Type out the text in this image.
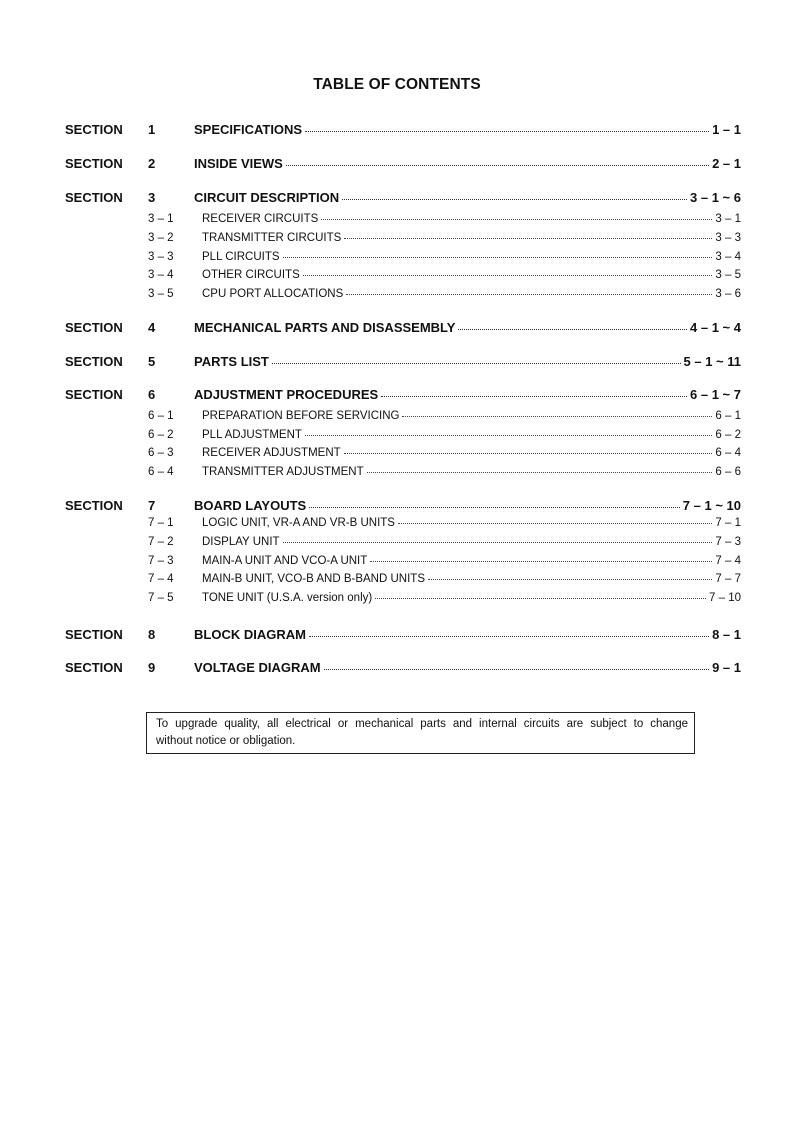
TABLE OF CONTENTS
SECTION	1	SPECIFICATIONS	1 – 1
SECTION	2	INSIDE VIEWS	2 – 1
SECTION	3	CIRCUIT DESCRIPTION	3 – 1 ~ 6
3 – 1	RECEIVER CIRCUITS	3 – 1
3 – 2	TRANSMITTER CIRCUITS	3 – 3
3 – 3	PLL CIRCUITS	3 – 4
3 – 4	OTHER CIRCUITS	3 – 5
3 – 5	CPU PORT ALLOCATIONS	3 – 6
SECTION	4	MECHANICAL PARTS AND DISASSEMBLY	4 – 1 ~ 4
SECTION	5	PARTS LIST	5 – 1 ~ 11
SECTION	6	ADJUSTMENT PROCEDURES	6 – 1 ~ 7
6 – 1	PREPARATION BEFORE SERVICING	6 – 1
6 – 2	PLL ADJUSTMENT	6 – 2
6 – 3	RECEIVER ADJUSTMENT	6 – 4
6 – 4	TRANSMITTER ADJUSTMENT	6 – 6
SECTION	7	BOARD LAYOUTS	7 – 1 ~ 10
7 – 1	LOGIC UNIT, VR-A AND VR-B UNITS	7 – 1
7 – 2	DISPLAY UNIT	7 – 3
7 – 3	MAIN-A UNIT AND VCO-A UNIT	7 – 4
7 – 4	MAIN-B UNIT, VCO-B AND B-BAND UNITS	7 – 7
7 – 5	TONE UNIT (U.S.A. version only)	7 – 10
SECTION	8	BLOCK DIAGRAM	8 – 1
SECTION	9	VOLTAGE DIAGRAM	9 – 1
To upgrade quality, all electrical or mechanical parts and internal circuits are subject to change
without notice or obligation.
